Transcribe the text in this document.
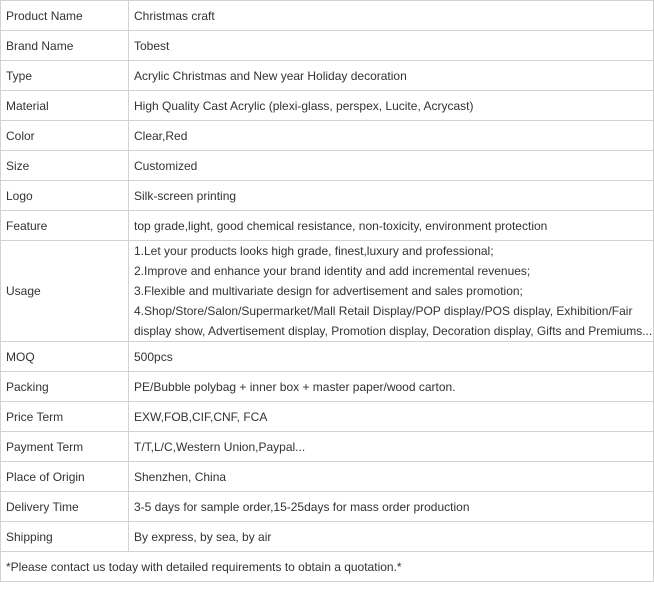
Product Name	Christmas craft
Brand Name	Tobest
Type	Acrylic Christmas and New year Holiday decoration
Material	High Quality Cast Acrylic (plexi-glass, perspex, Lucite, Acrycast)
Color	Clear,Red
Size	Customized
Logo	Silk-screen printing
Feature	top grade,light, good chemical resistance, non-toxicity, environment protection
Usage	1.Let your products looks high grade, finest,luxury and professional;
2.Improve and enhance your brand identity and add incremental revenues;
3.Flexible and multivariate design for advertisement and sales promotion;
4.Shop/Store/Salon/Supermarket/Mall Retail Display/POP display/POS display, Exhibition/Fair display show, Advertisement display, Promotion display, Decoration display, Gifts and Premiums...

MOQ	500pcs
Packing	PE/Bubble polybag + inner box + master paper/wood carton.
Price Term	EXW,FOB,CIF,CNF, FCA
Payment Term	T/T,L/C,Western Union,Paypal...
Place of Origin	Shenzhen, China
Delivery Time	3-5 days for sample order,15-25days for mass order production
Shipping	By express, by sea, by air
*Please contact us today with detailed requirements to obtain a quotation.*	
